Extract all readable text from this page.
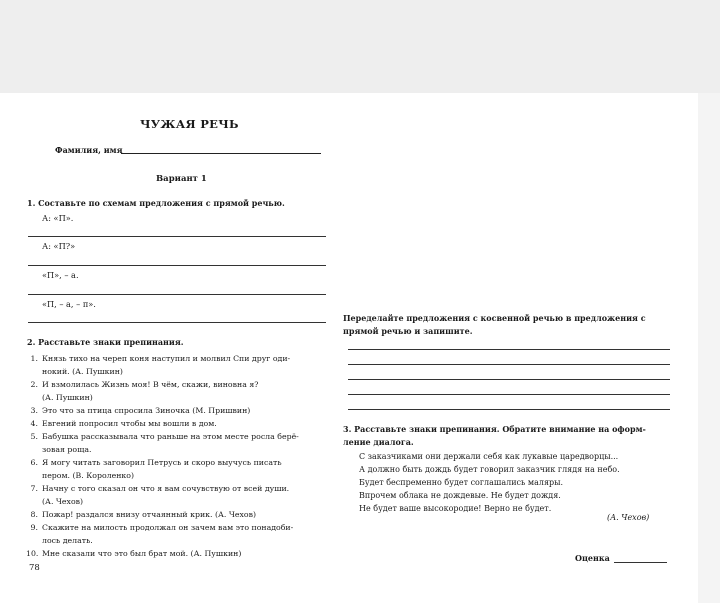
ЧУЖАЯ РЕЧЬ
Фамилия, имя
Вариант 1
1. Составьте по схемам предложения с прямой речью.
А: «П».
А: «П?»
«П», – а.
«П, – а, – п».
2. Расставьте знаки препинания.
1. Князь тихо на череп коня наступил и молвил Спи друг оди-
нокий. (А. Пушкин)
2. И взмолилась Жизнь моя! В чём, скажи, виновна я?
(А. Пушкин)
3. Это что за птица спросила Зиночка (М. Пришвин)
4. Евгений попросил чтобы мы вошли в дом.
5. Бабушка рассказывала что раньше на этом месте росла берё-
зовая роща.
6. Я могу читать заговорил Петрусь и скоро выучусь писать
пером. (В. Короленко)
7. Начну с того сказал он что я вам сочувствую от всей души.
(А. Чехов)
8. Пожар! раздался внизу отчаянный крик. (А. Чехов)
9. Скажите на милость продолжал он зачем вам это понадоби-
лось делать.
10. Мне сказали что это был брат мой. (А. Пушкин)
78
Переделайте предложения с косвенной речью в предложения с
прямой речью и запишите.
3. Расставьте знаки препинания. Обратите внимание на оформ-
ление диалога.
С заказчиками они держали себя как лукавые царедворцы...
А должно быть дождь будет говорил заказчик глядя на небо.
Будет беспременно будет соглашались маляры.
Впрочем облака не дождевые. Не будет дождя.
Не будет ваше высокородие! Верно не будет.
(А. Чехов)
Оценка
